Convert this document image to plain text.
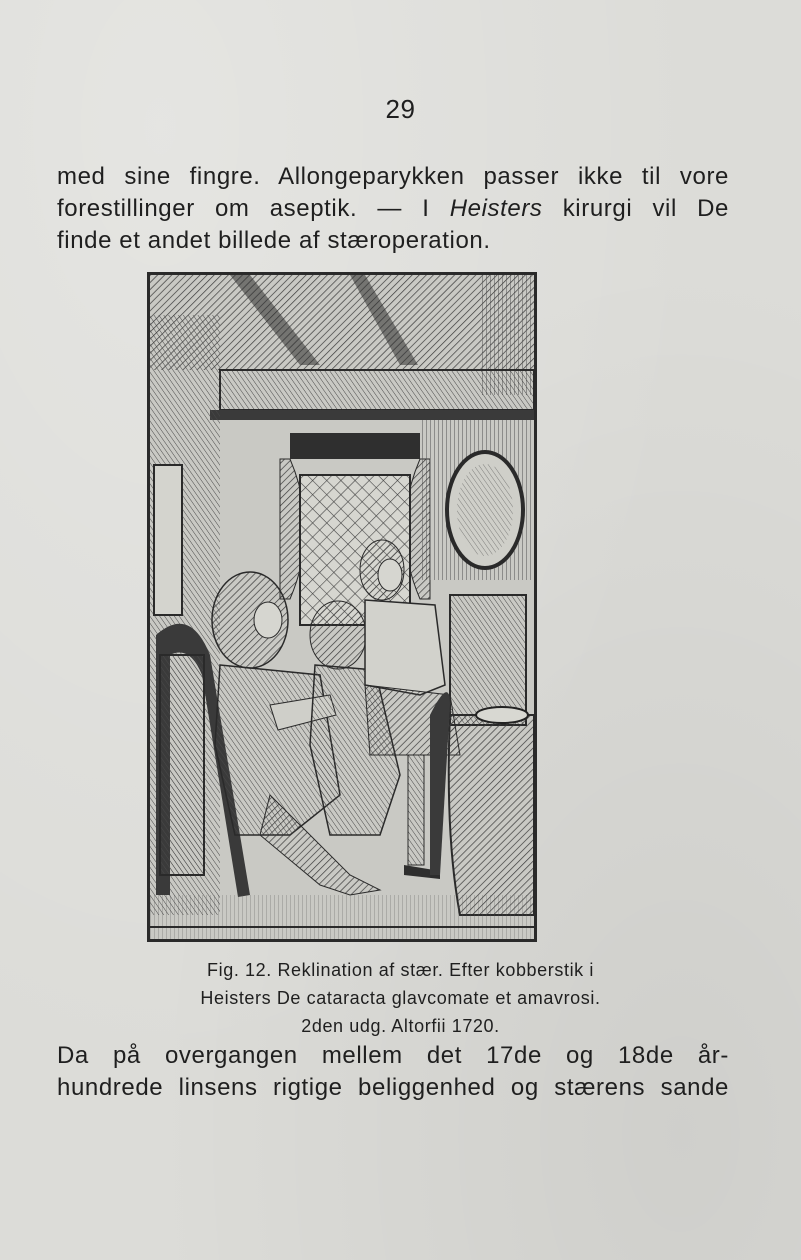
29
med sine fingre. Allongeparykken passer ikke til vore
forestillinger om aseptik. — I Heisters kirurgi vil De
finde et andet billede af stæroperation.
Fig. 12. Reklination af stær. Efter kobberstik i
Heisters De cataracta glavcomate et amavrosi.
2den udg. Altorfii 1720.
Da på overgangen mellem det 17de og 18de år-
hundrede linsens rigtige beliggenhed og stærens sande
